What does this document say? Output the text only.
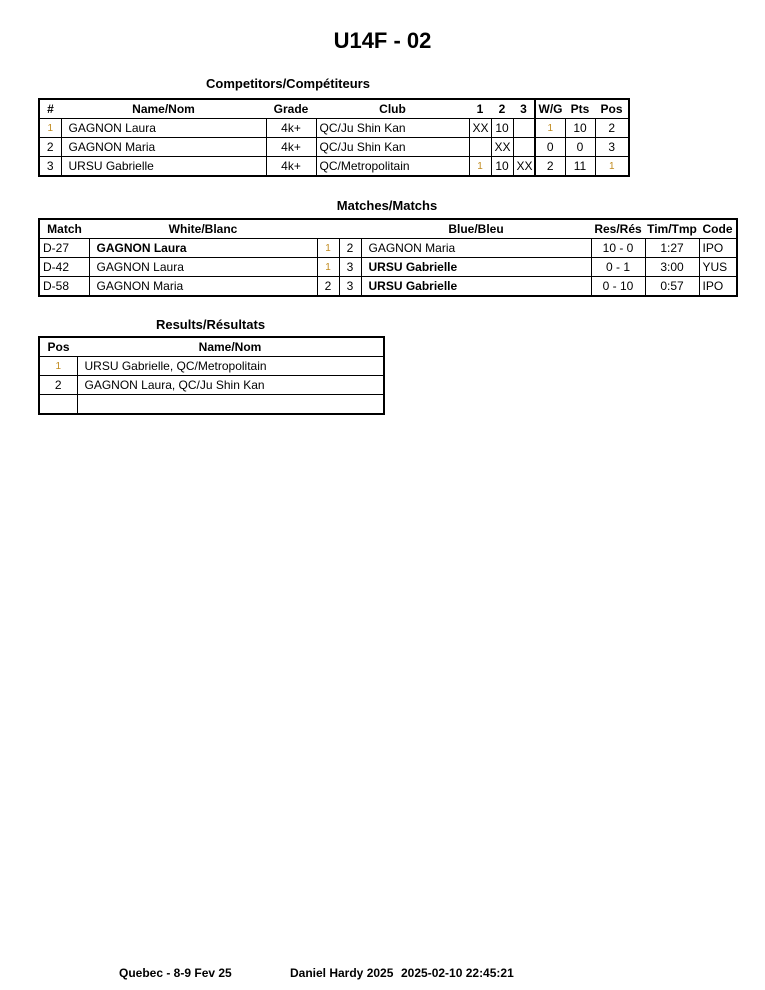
U14F - 02
Competitors/Compétiteurs
#	Name/Nom	Grade	Club	1	2	3	W/G	Pts	Pos
1	GAGNON Laura	4k+	QC/Ju Shin Kan	XX	10		1	10	2
2	GAGNON Maria	4k+	QC/Ju Shin Kan		XX		0	0	3
3	URSU Gabrielle	4k+	QC/Metropolitain	1	10	XX	2	11	1
Matches/Matchs
Match	White/Blanc			Blue/Bleu	Res/Rés	Tim/Tmp	Code
D-27	GAGNON Laura	1	2	GAGNON Maria	10 - 0	1:27	IPO
D-42	GAGNON Laura	1	3	URSU Gabrielle	0 - 1	3:00	YUS
D-58	GAGNON Maria	2	3	URSU Gabrielle	0 - 10	0:57	IPO
Results/Résultats
Pos	Name/Nom
1	URSU Gabrielle, QC/Metropolitain
2	GAGNON Laura, QC/Ju Shin Kan

Quebec - 8-9 Fev 25	Daniel Hardy 2025 2025-02-10 22:45:21
